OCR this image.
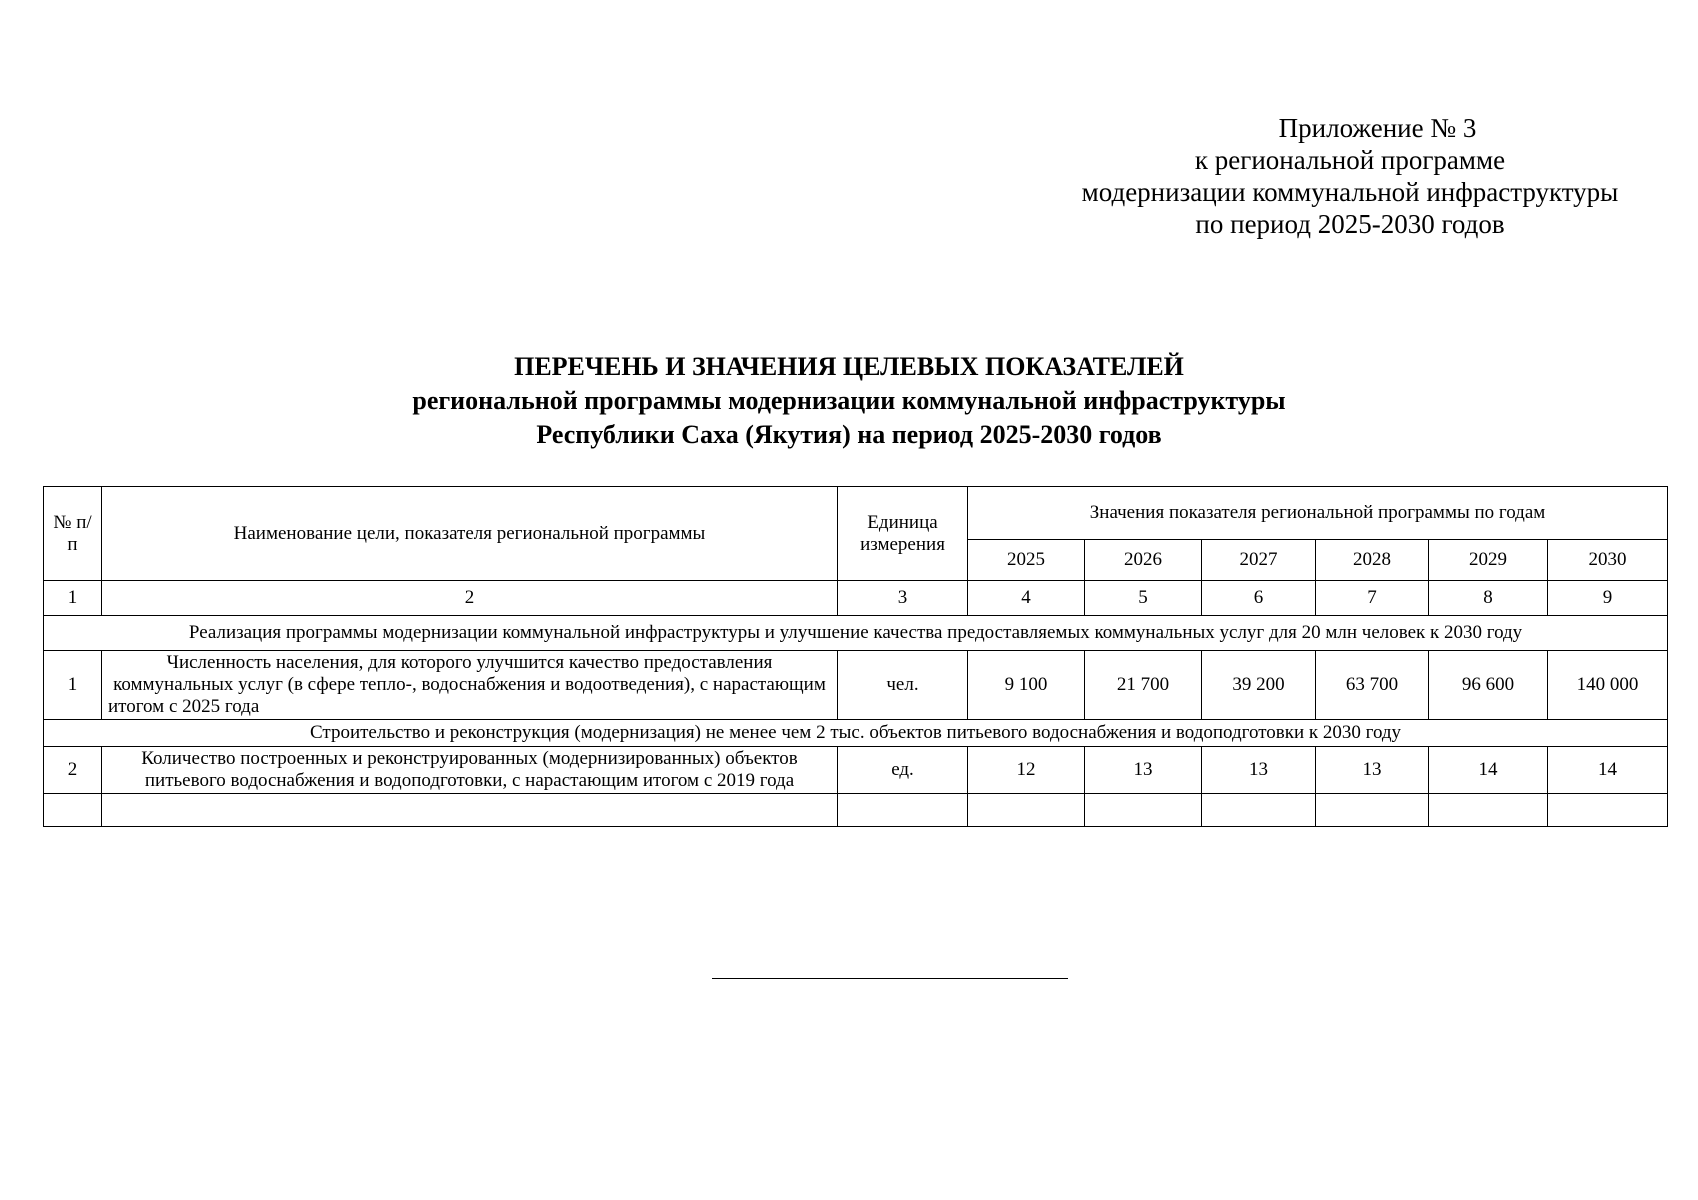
Приложение № 3
к региональной программе
модернизации коммунальной инфраструктуры
по период 2025-2030 годов
ПЕРЕЧЕНЬ И ЗНАЧЕНИЯ ЦЕЛЕВЫХ ПОКАЗАТЕЛЕЙ
региональной программы модернизации коммунальной инфраструктуры
Республики Саха (Якутия) на период 2025-2030 годов
№ п/п	Наименование цели, показателя региональной программы	Единица измерения	Значения показателя региональной программы по годам					
			2025	2026	2027	2028	2029	2030
1	2	3	4	5	6	7	8	9
Реализация программы модернизации коммунальной инфраструктуры и улучшение качества предоставляемых коммунальных услуг для 20 млн человек к 2030 году								
1	Численность населения, для которого улучшится качество предоставления коммунальных услуг (в сфере тепло-, водоснабжения и водоотведения), с нарастающим итогом с 2025 года	чел.	9 100	21 700	39 200	63 700	96 600	140 000
Строительство и реконструкция (модернизация) не менее чем 2 тыс. объектов питьевого водоснабжения и водоподготовки к 2030 году								
2	Количество построенных и реконструированных (модернизированных) объектов питьевого водоснабжения и водоподготовки, с нарастающим итогом с 2019 года	ед.	12	13	13	13	14	14
